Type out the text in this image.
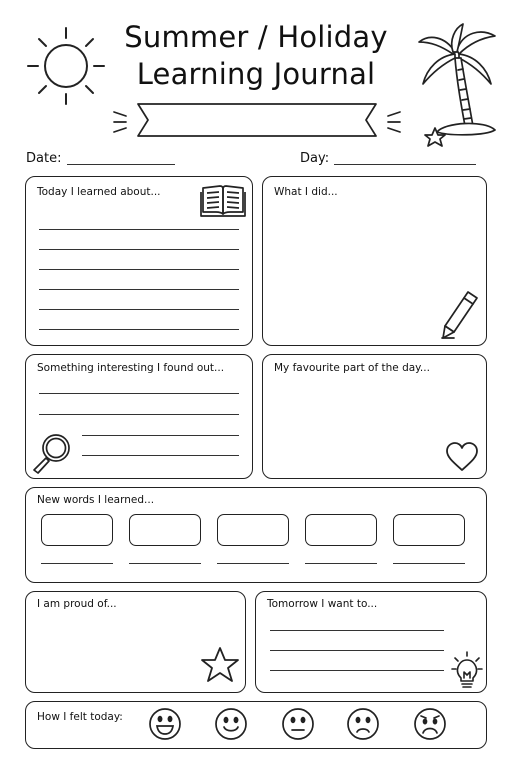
Summer / Holiday
Learning Journal
Date:	Day:
Today I learned about...	What I did...
Something interesting I found out...	My favourite part of the day...
New words I learned...
I am proud of...	Tomorrow I want to...
How I felt today:
